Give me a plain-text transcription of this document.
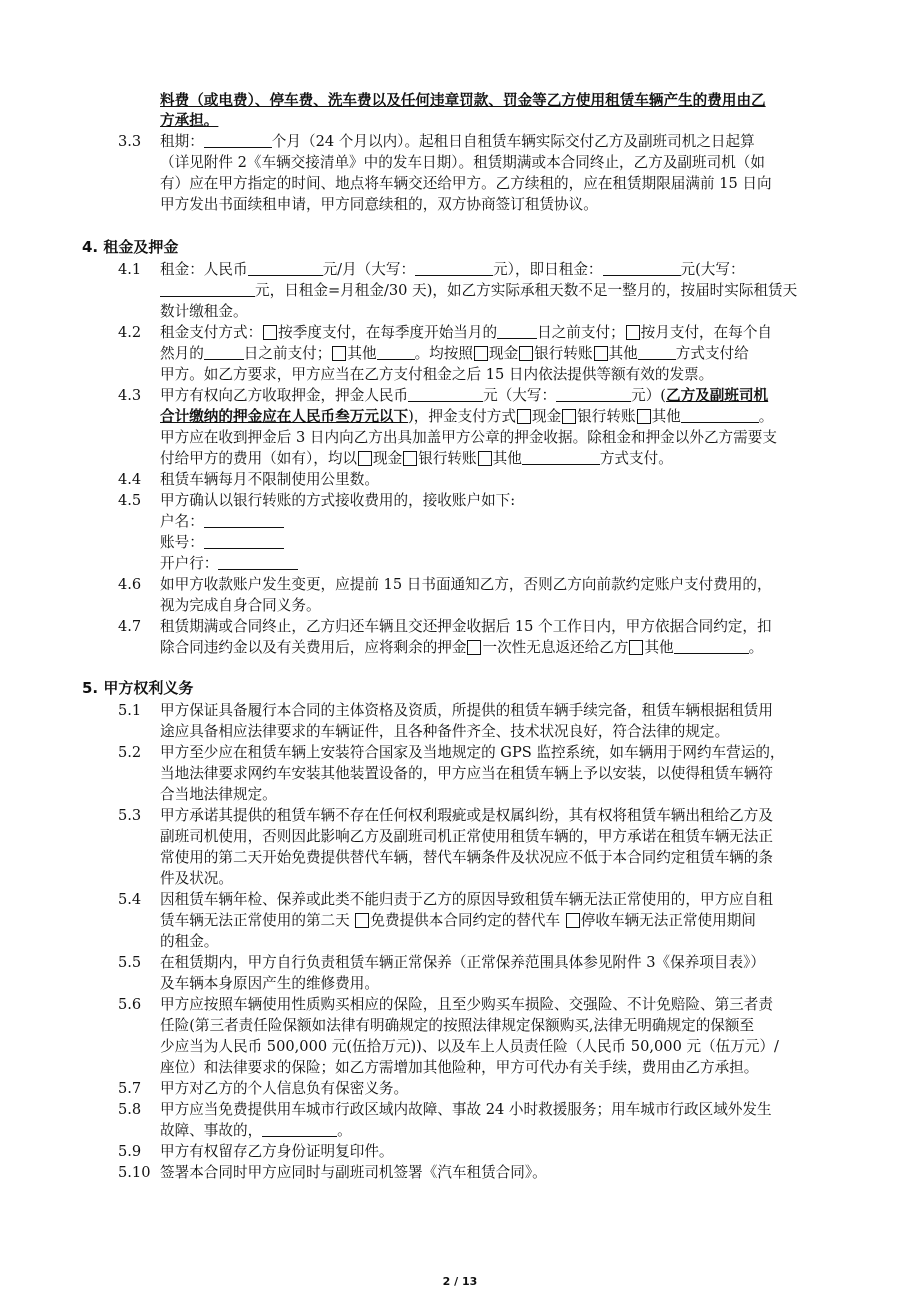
料费（或电费）、停车费、洗车费以及任何违章罚款、罚金等乙方使用租赁车辆产生的费用由乙
方承担。
3.3	租期：	个月（24 个月以内）。起租日自租赁车辆实际交付乙方及副班司机之日起算
（详见附件 2《车辆交接清单》中的发车日期）。租赁期满或本合同终止，乙方及副班司机（如
有）应在甲方指定的时间、地点将车辆交还给甲方。乙方续租的，应在租赁期限届满前 15 日向
甲方发出书面续租申请，甲方同意续租的，双方协商签订租赁协议。
4. 租金及押金
4.1	租金：人民币	元/月（大写：	元），即日租金：	元(大写：
元，日租金=月租金/30 天)，如乙方实际承租天数不足一整月的，按届时实际租赁天
数计缴租金。
4.2	租金支付方式： 按季度支付，在每季度开始当月的	日之前支付； 按月支付，在每个自
然月的	日之前支付； 其他	。均按照 现金 银行转账 其他	方式支付给
甲方。如乙方要求，甲方应当在乙方支付租金之后 15 日内依法提供等额有效的发票。
4.3	甲方有权向乙方收取押金，押金人民币	元（大写：	元）(乙方及副班司机
合计缴纳的押金应在人民币叁万元以下)，押金支付方式 现金 银行转账 其他	。
甲方应在收到押金后 3 日内向乙方出具加盖甲方公章的押金收据。除租金和押金以外乙方需要支
付给甲方的费用（如有），均以 现金 银行转账 其他	方式支付。
4.4	租赁车辆每月不限制使用公里数。
4.5	甲方确认以银行转账的方式接收费用的，接收账户如下:
户名：
账号：
开户行：
4.6	如甲方收款账户发生变更，应提前 15 日书面通知乙方，否则乙方向前款约定账户支付费用的，
视为完成自身合同义务。
4.7	租赁期满或合同终止，乙方归还车辆且交还押金收据后 15 个工作日内，甲方依据合同约定，扣
除合同违约金以及有关费用后，应将剩余的押金 一次性无息返还给乙方 其他	。
5. 甲方权利义务
5.1	甲方保证具备履行本合同的主体资格及资质，所提供的租赁车辆手续完备，租赁车辆根据租赁用
途应具备相应法律要求的车辆证件，且各种备件齐全、技术状况良好，符合法律的规定。
5.2	甲方至少应在租赁车辆上安装符合国家及当地规定的 GPS 监控系统，如车辆用于网约车营运的，
当地法律要求网约车安装其他装置设备的，甲方应当在租赁车辆上予以安装，以使得租赁车辆符
合当地法律规定。
5.3	甲方承诺其提供的租赁车辆不存在任何权利瑕疵或是权属纠纷，其有权将租赁车辆出租给乙方及
副班司机使用，否则因此影响乙方及副班司机正常使用租赁车辆的，甲方承诺在租赁车辆无法正
常使用的第二天开始免费提供替代车辆，替代车辆条件及状况应不低于本合同约定租赁车辆的条
件及状况。
5.4	因租赁车辆年检、保养或此类不能归责于乙方的原因导致租赁车辆无法正常使用的，甲方应自租
赁车辆无法正常使用的第二天 免费提供本合同约定的替代车 停收车辆无法正常使用期间
的租金。
5.5	在租赁期内，甲方自行负责租赁车辆正常保养（正常保养范围具体参见附件 3《保养项目表》）
及车辆本身原因产生的维修费用。
5.6	甲方应按照车辆使用性质购买相应的保险，且至少购买车损险、交强险、不计免赔险、第三者责
任险(第三者责任险保额如法律有明确规定的按照法律规定保额购买,法律无明确规定的保额至
少应当为人民币 500,000 元(伍拾万元))、以及车上人员责任险（人民币 50,000 元（伍万元）/
座位）和法律要求的保险；如乙方需增加其他险种，甲方可代办有关手续，费用由乙方承担。
5.7	甲方对乙方的个人信息负有保密义务。
5.8	甲方应当免费提供用车城市行政区域内故障、事故 24 小时救援服务；用车城市行政区域外发生
故障、事故的，	。
5.9	甲方有权留存乙方身份证明复印件。
5.10 签署本合同时甲方应同时与副班司机签署《汽车租赁合同》。
2 / 13
